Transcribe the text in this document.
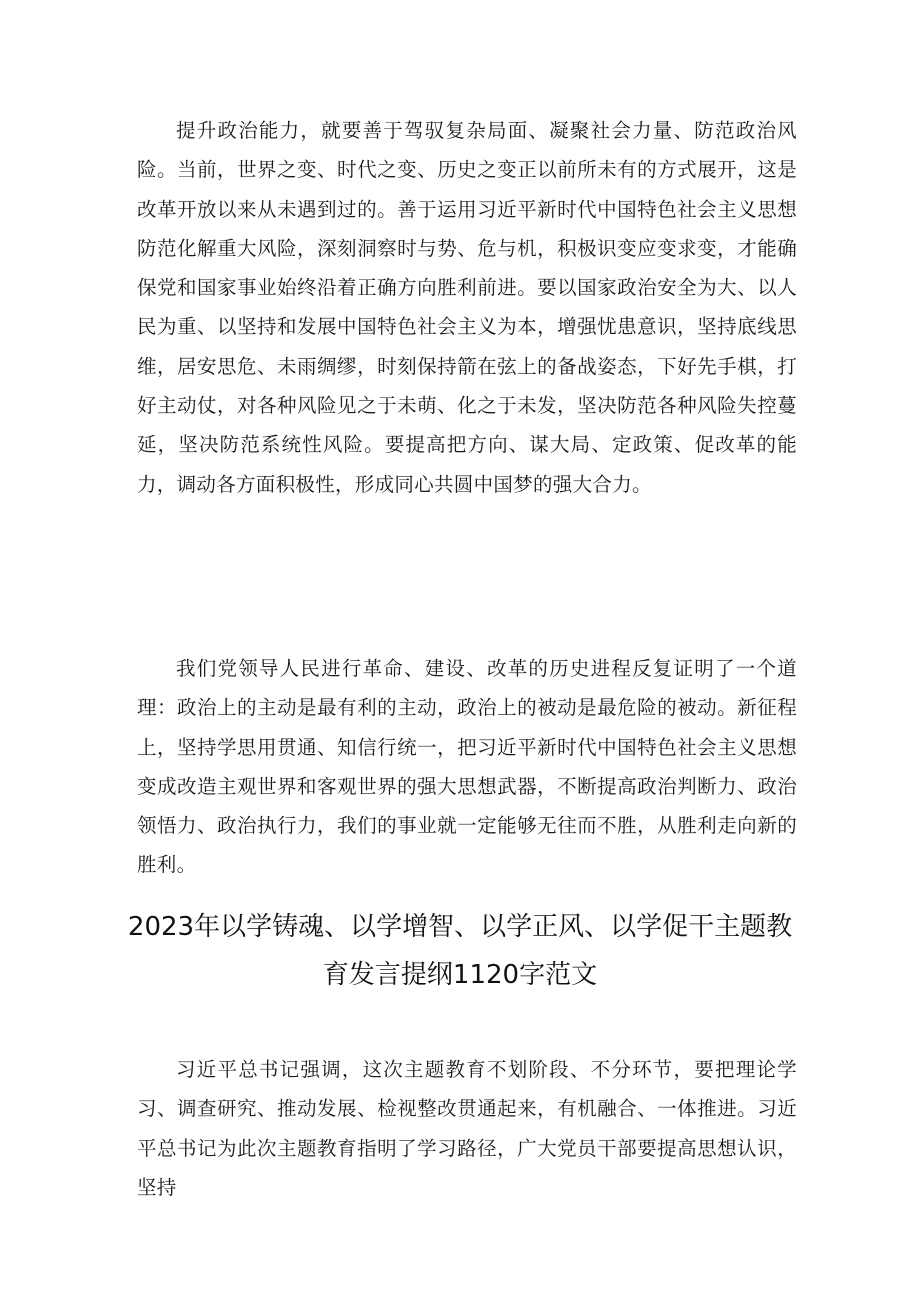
提升政治能力，就要善于驾驭复杂局面、凝聚社会力量、防范政治风险。当前，世界之变、时代之变、历史之变正以前所未有的方式展开，这是改革开放以来从未遇到过的。善于运用习近平新时代中国特色社会主义思想防范化解重大风险，深刻洞察时与势、危与机，积极识变应变求变，才能确保党和国家事业始终沿着正确方向胜利前进。要以国家政治安全为大、以人民为重、以坚持和发展中国特色社会主义为本，增强忧患意识，坚持底线思维，居安思危、未雨绸缪，时刻保持箭在弦上的备战姿态，下好先手棋，打好主动仗，对各种风险见之于未萌、化之于未发，坚决防范各种风险失控蔓延，坚决防范系统性风险。要提高把方向、谋大局、定政策、促改革的能力，调动各方面积极性，形成同心共圆中国梦的强大合力。

我们党领导人民进行革命、建设、改革的历史进程反复证明了一个道理：政治上的主动是最有利的主动，政治上的被动是最危险的被动。新征程上，坚持学思用贯通、知信行统一，把习近平新时代中国特色社会主义思想变成改造主观世界和客观世界的强大思想武器，不断提高政治判断力、政治领悟力、政治执行力，我们的事业就一定能够无往而不胜，从胜利走向新的胜利。

2023年以学铸魂、以学增智、以学正风、以学促干主题教育发言提纲1120字范文

习近平总书记强调，这次主题教育不划阶段、不分环节，要把理论学习、调查研究、推动发展、检视整改贯通起来，有机融合、一体推进。习近平总书记为此次主题教育指明了学习路径，广大党员干部要提高思想认识，坚持
